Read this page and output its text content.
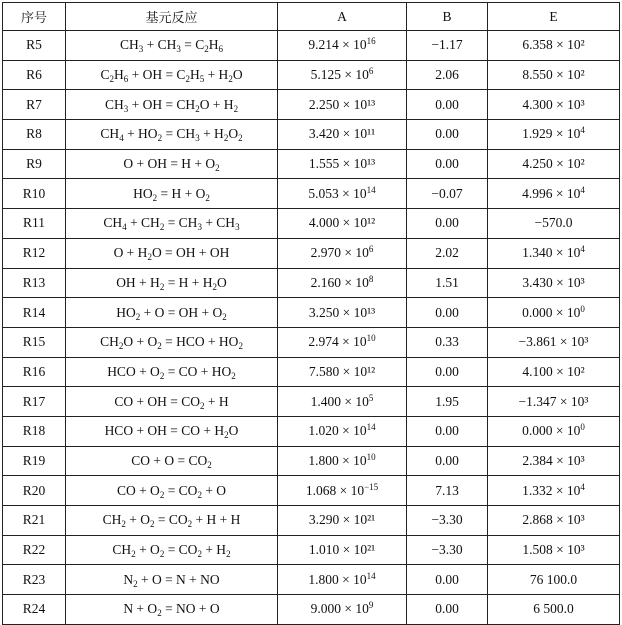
序号	基元反应	A	B	E
R5	$CH_3 + CH_3 = C_2H_6$	$9.214 \times 10^{16}$	−1.17	6.358 × 10²
R6	$C_2H_6$ + OH = $C_2H_5 + H_2O$	$5.125 \times 10^6$	2.06	8.550 × 10²
R7	$CH_3$ + OH = $CH_2O + H_2$	2.250 × 10¹³	0.00	4.300 × 10³
R8	$CH_4 + HO_2 = CH_3 + H_2O_2$	3.420 × 10¹¹	0.00	$1.929 \times 10^4$
R9	O + OH = $H + O_2$	1.555 × 10¹³	0.00	4.250 × 10²
R10	$HO_2 = H + O_2$	$5.053 \times 10^{14}$	−0.07	$4.996 \times 10^4$
R11	$CH_4 + CH_2 = CH_3 + CH_3$	4.000 × 10¹²	0.00	−570.0
R12	$O + H_2O$ = OH + OH	$2.970 \times 10^6$	2.02	$1.340 \times 10^4$
R13	OH + $H_2 = H + H_2O$	$2.160 \times 10^8$	1.51	3.430 × 10³
R14	$HO_2 + O$ = OH + $O_2$	3.250 × 10¹³	0.00	$0.000 \times 10^0$
R15	$CH_2O + O_2$ = HCO + $HO_2$	$2.974 \times 10^{10}$	0.33	−3.861 × 10³
R16	HCO + $O_2$ = CO + $HO_2$	7.580 × 10¹²	0.00	4.100 × 10²
R17	CO + OH = $CO_2 + H$	$1.400 \times 10^5$	1.95	−1.347 × 10³
R18	HCO + OH = CO + $H_2O$	$1.020 \times 10^{14}$	0.00	$0.000 \times 10^0$
R19	CO + $O = CO_2$	$1.800 \times 10^{10}$	0.00	2.384 × 10³
R20	CO + $O_2 = CO_2 + O$	$1.068 \times 10^{-15}$	7.13	$1.332 \times 10^4$
R21	$CH_2 + O_2 = CO_2 + H + H$	3.290 × 10²¹	−3.30	2.868 × 10³
R22	$CH_2 + O_2 = CO_2 + H_2$	1.010 × 10²¹	−3.30	1.508 × 10³
R23	$N_2 + O = N$ + NO	$1.800 \times 10^{14}$	0.00	76 100.0
R24	$N + O_2$ = NO + O	$9.000 \times 10^9$	0.00	6 500.0
